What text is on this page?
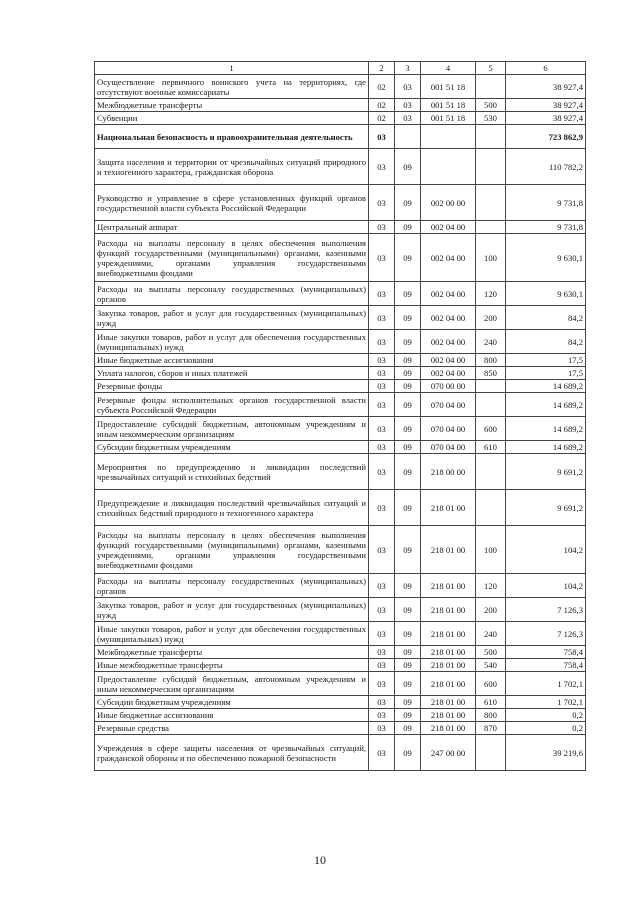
1	2	3	4	5	6
Осуществление первичного воинского учета на территориях, где отсутствуют военные комиссариаты	02	03	001 51 18		38 927,4
Межбюджетные трансферты	02	03	001 51 18	500	38 927,4
Субвенции	02	03	001 51 18	530	38 927,4
Национальная безопасность и правоохранительная деятельность	03				723 862,9
Защита населения и территории от чрезвычайных ситуаций природного и техногенного характера, гражданская оборона	03	09			110 782,2
Руководство и управление в сфере установленных функций органов государственной власти субъекта Российской Федерации	03	09	002 00 00		9 731,8
Центральный аппарат	03	09	002 04 00		9 731,8
Расходы на выплаты персоналу в целях обеспечения выполнения функций государственными (муниципальными) органами, казенными учреждениями, органами управления государственными внебюджетными фондами	03	09	002 04 00	100	9 630,1
Расходы на выплаты персоналу государственных (муниципальных) органов	03	09	002 04 00	120	9 630,1
Закупка товаров, работ и услуг для государственных (муниципальных) нужд	03	09	002 04 00	200	84,2
Иные закупки товаров, работ и услуг для обеспечения государственных (муниципальных) нужд	03	09	002 04 00	240	84,2
Иные бюджетные ассигнования	03	09	002 04 00	800	17,5
Уплата налогов, сборов и иных платежей	03	09	002 04 00	850	17,5
Резервные фонды	03	09	070 00 00		14 689,2
Резервные фонды исполнительных органов государственной власти субъекта Российской Федерации	03	09	070 04 00		14 689,2
Предоставление субсидий бюджетным, автономным учреждениям и иным некоммерческим организациям	03	09	070 04 00	600	14 689,2
Субсидии бюджетным учреждениям	03	09	070 04 00	610	14 689,2
Мероприятия по предупреждению и ликвидации последствий чрезвычайных ситуаций и стихийных бедствий	03	09	218 00 00		9 691,2
Предупреждение и ликвидация последствий чрезвычайных ситуаций и стихийных бедствий природного и техногенного характера	03	09	218 01 00		9 691,2
Расходы на выплаты персоналу в целях обеспечения выполнения функций государственными (муниципальными) органами, казенными учреждениями, органами управления государственными внебюджетными фондами	03	09	218 01 00	100	104,2
Расходы на выплаты персоналу государственных (муниципальных) органов	03	09	218 01 00	120	104,2
Закупка товаров, работ и услуг для государственных (муниципальных) нужд	03	09	218 01 00	200	7 126,3
Иные закупки товаров, работ и услуг для обеспечения государственных (муниципальных) нужд	03	09	218 01 00	240	7 126,3
Межбюджетные трансферты	03	09	218 01 00	500	758,4
Иные межбюджетные трансферты	03	09	218 01 00	540	758,4
Предоставление субсидий бюджетным, автономным учреждениям и иным некоммерческим организациям	03	09	218 01 00	600	1 702,1
Субсидии бюджетным учреждениям	03	09	218 01 00	610	1 702,1
Иные бюджетные ассигнования	03	09	218 01 00	800	0,2
Резервные средства	03	09	218 01 00	870	0,2
Учреждения в сфере защиты населения от чрезвычайных ситуаций, гражданской обороны и по обеспечению пожарной безопасности	03	09	247 00 00		39 219,6
10
